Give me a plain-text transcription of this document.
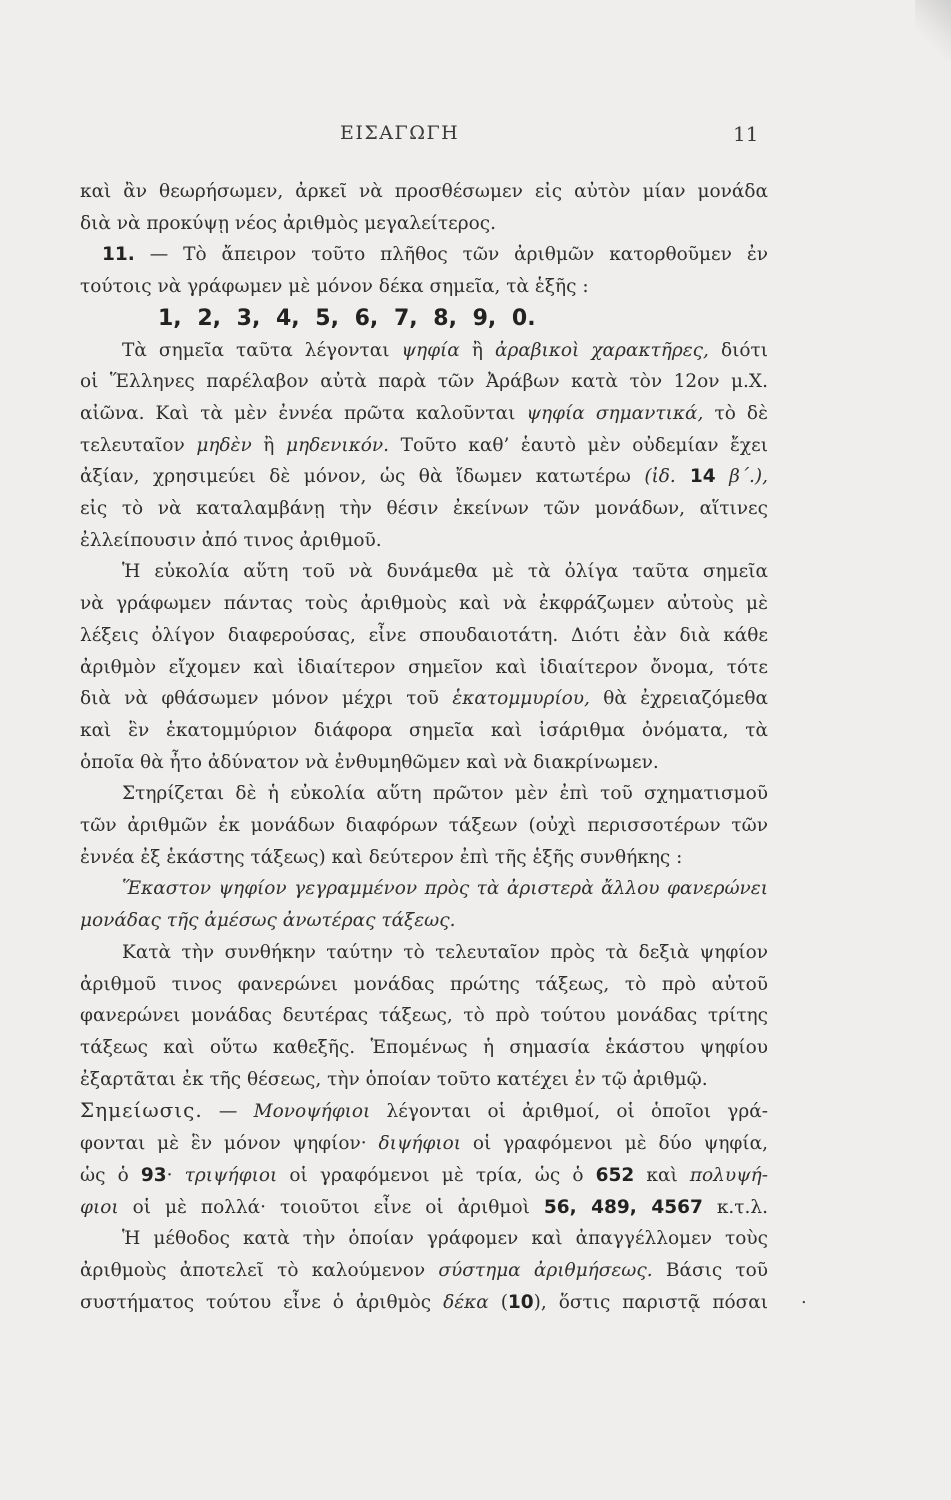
ΕΙΣΑΓΩΓΗ	11
καὶ ἂν θεωρήσωμεν, ἀρκεῖ νὰ προσθέσωμεν εἰς αὐτὸν μίαν μονάδα
διὰ νὰ προκύψῃ νέος ἀριθμὸς μεγαλείτερος.
11. — Τὸ ἄπειρον τοῦτο πλῆθος τῶν ἀριθμῶν κατορθοῦμεν ἐν
τούτοις νὰ γράφωμεν μὲ μόνον δέκα σημεῖα, τὰ ἑξῆς :
1, 2, 3, 4, 5, 6, 7, 8, 9, 0.
Τὰ σημεῖα ταῦτα λέγονται ψηφία ἢ ἀραβικοὶ χαρακτῆρες, διότι
οἱ Ἕλληνες παρέλαβον αὐτὰ παρὰ τῶν Ἀράβων κατὰ τὸν 12ον μ.Χ.
αἰῶνα. Καὶ τὰ μὲν ἐννέα πρῶτα καλοῦνται ψηφία σημαντικά, τὸ δὲ
τελευταῖον μηδὲν ἢ μηδενικόν. Τοῦτο καθ’ ἑαυτὸ μὲν οὐδεμίαν ἔχει
ἀξίαν, χρησιμεύει δὲ μόνον, ὡς θὰ ἴδωμεν κατωτέρω (ἰδ. 14 β΄.),
εἰς τὸ νὰ καταλαμβάνῃ τὴν θέσιν ἐκείνων τῶν μονάδων, αἵτινες
ἐλλείπουσιν ἀπό τινος ἀριθμοῦ.
Ἡ εὐκολία αὕτη τοῦ νὰ δυνάμεθα μὲ τὰ ὀλίγα ταῦτα σημεῖα
νὰ γράφωμεν πάντας τοὺς ἀριθμοὺς καὶ νὰ ἐκφράζωμεν αὐτοὺς μὲ
λέξεις ὀλίγον διαφερούσας, εἶνε σπουδαιοτάτη. Διότι ἐὰν διὰ κάθε
ἀριθμὸν εἴχομεν καὶ ἰδιαίτερον σημεῖον καὶ ἰδιαίτερον ὄνομα, τότε
διὰ νὰ φθάσωμεν μόνον μέχρι τοῦ ἑκατομμυρίου, θὰ ἐχρειαζόμεθα
καὶ ἓν ἑκατομμύριον διάφορα σημεῖα καὶ ἰσάριθμα ὀνόματα, τὰ
ὁποῖα θὰ ἦτο ἀδύνατον νὰ ἐνθυμηθῶμεν καὶ νὰ διακρίνωμεν.
Στηρίζεται δὲ ἡ εὐκολία αὕτη πρῶτον μὲν ἐπὶ τοῦ σχηματισμοῦ
τῶν ἀριθμῶν ἐκ μονάδων διαφόρων τάξεων (οὐχὶ περισσοτέρων τῶν
ἐννέα ἐξ ἑκάστης τάξεως) καὶ δεύτερον ἐπὶ τῆς ἑξῆς συνθήκης :
Ἕκαστον ψηφίον γεγραμμένον πρὸς τὰ ἀριστερὰ ἄλλου φανερώνει
μονάδας τῆς ἀμέσως ἀνωτέρας τάξεως.
Κατὰ τὴν συνθήκην ταύτην τὸ τελευταῖον πρὸς τὰ δεξιὰ ψηφίον
ἀριθμοῦ τινος φανερώνει μονάδας πρώτης τάξεως, τὸ πρὸ αὐτοῦ
φανερώνει μονάδας δευτέρας τάξεως, τὸ πρὸ τούτου μονάδας τρίτης
τάξεως καὶ οὕτω καθεξῆς. Ἑπομένως ἡ σημασία ἑκάστου ψηφίου
ἐξαρτᾶται ἐκ τῆς θέσεως, τὴν ὁποίαν τοῦτο κατέχει ἐν τῷ ἀριθμῷ.
Σημείωσις. — Μονοψήφιοι λέγονται οἱ ἀριθμοί, οἱ ὁποῖοι γρά-
φονται μὲ ἓν μόνον ψηφίον· διψήφιοι οἱ γραφόμενοι μὲ δύο ψηφία,
ὡς ὁ 93· τριψήφιοι οἱ γραφόμενοι μὲ τρία, ὡς ὁ 652 καὶ πολυψή-
φιοι οἱ μὲ πολλά· τοιοῦτοι εἶνε οἱ ἀριθμοὶ 56, 489, 4567 κ.τ.λ.
Ἡ μέθοδος κατὰ τὴν ὁποίαν γράφομεν καὶ ἀπαγγέλλομεν τοὺς
ἀριθμοὺς ἀποτελεῖ τὸ καλούμενον σύστημα ἀριθμήσεως. Βάσις τοῦ
συστήματος τούτου εἶνε ὁ ἀριθμὸς δέκα (10), ὅστις παριστᾷ πόσαι .
